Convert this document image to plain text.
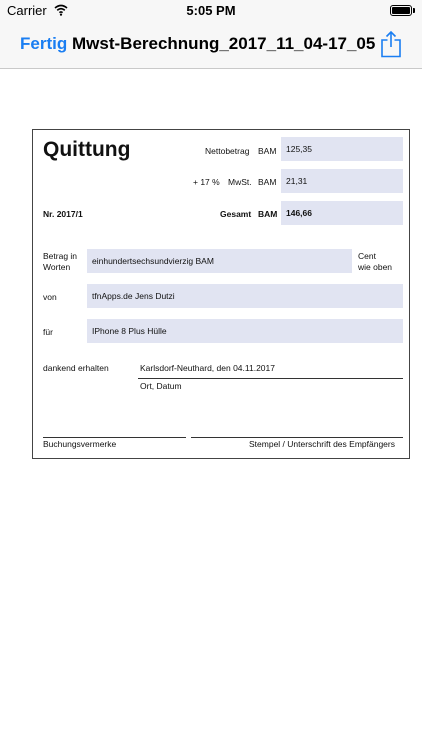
Carrier	5:05 PM
Fertig Mwst-Berechnung_2017_11_04-17_05
Quittung	Nettobetrag BAM	125,35
+ 17 % MwSt. BAM	21,31
Nr. 2017/1	Gesamt BAM	146,66
Betrag in
Worten
einhundertsechsundvierzig BAM	Cent
wie oben
von	tfnApps.de Jens Dutzi
für	IPhone 8 Plus Hülle
dankend erhalten	Karlsdorf-Neuthard, den 04.11.2017
Ort, Datum
Buchungsvermerke	Stempel / Unterschrift des Empfängers
